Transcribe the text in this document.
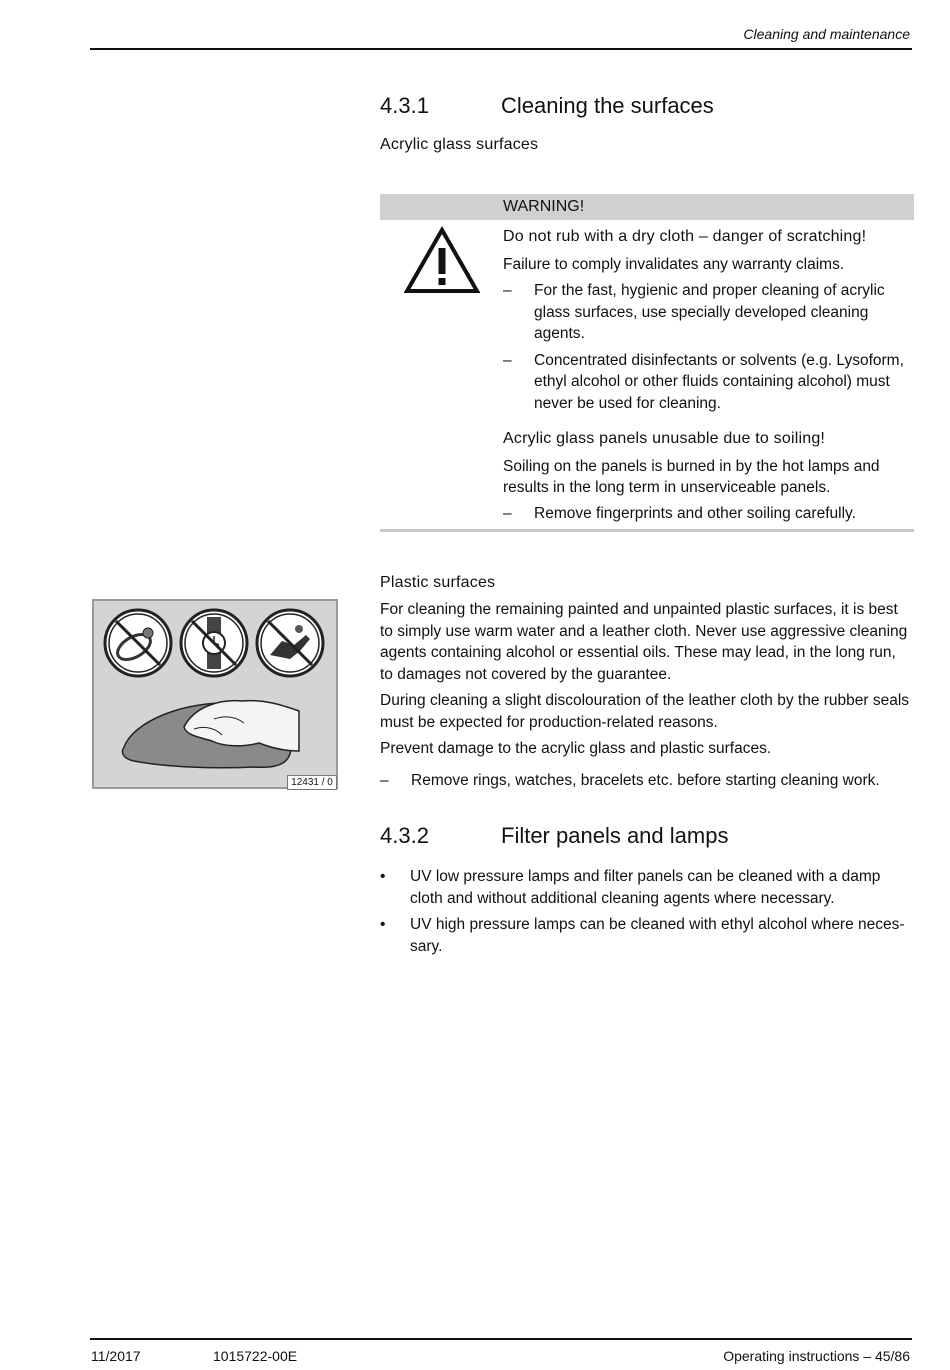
Cleaning and maintenance
4.3.1	Cleaning the surfaces
Acrylic glass surfaces
WARNING!

Do not rub with a dry cloth – danger of scratching!

Failure to comply invalidates any warranty claims.

– For the fast, hygienic and proper cleaning of acrylic glass surfaces, use specially developed cleaning agents.
– Concentrated disinfectants or solvents (e.g. Lysoform, ethyl alcohol or other fluids containing alcohol) must never be used for cleaning.

Acrylic glass panels unusable due to soiling!

Soiling on the panels is burned in by the hot lamps and results in the long term in unserviceable panels.

– Remove fingerprints and other soiling carefully.
Plastic surfaces

For cleaning the remaining painted and unpainted plastic surfaces, it is best to simply use warm water and a leather cloth. Never use aggressive cleaning agents containing alcohol or essential oils. These may lead, in the long run, to damages not covered by the guarantee.

During cleaning a slight discolouration of the leather cloth by the rubber seals must be expected for production-related reasons.

Prevent damage to the acrylic glass and plastic surfaces.

– Remove rings, watches, bracelets etc. before starting cleaning work.
12431 / 0
4.3.2	Filter panels and lamps
• UV low pressure lamps and filter panels can be cleaned with a damp cloth and without additional cleaning agents where necessary.
• UV high pressure lamps can be cleaned with ethyl alcohol where neces-sary.
11/2017	1015722-00E	Operating instructions – 45/86
